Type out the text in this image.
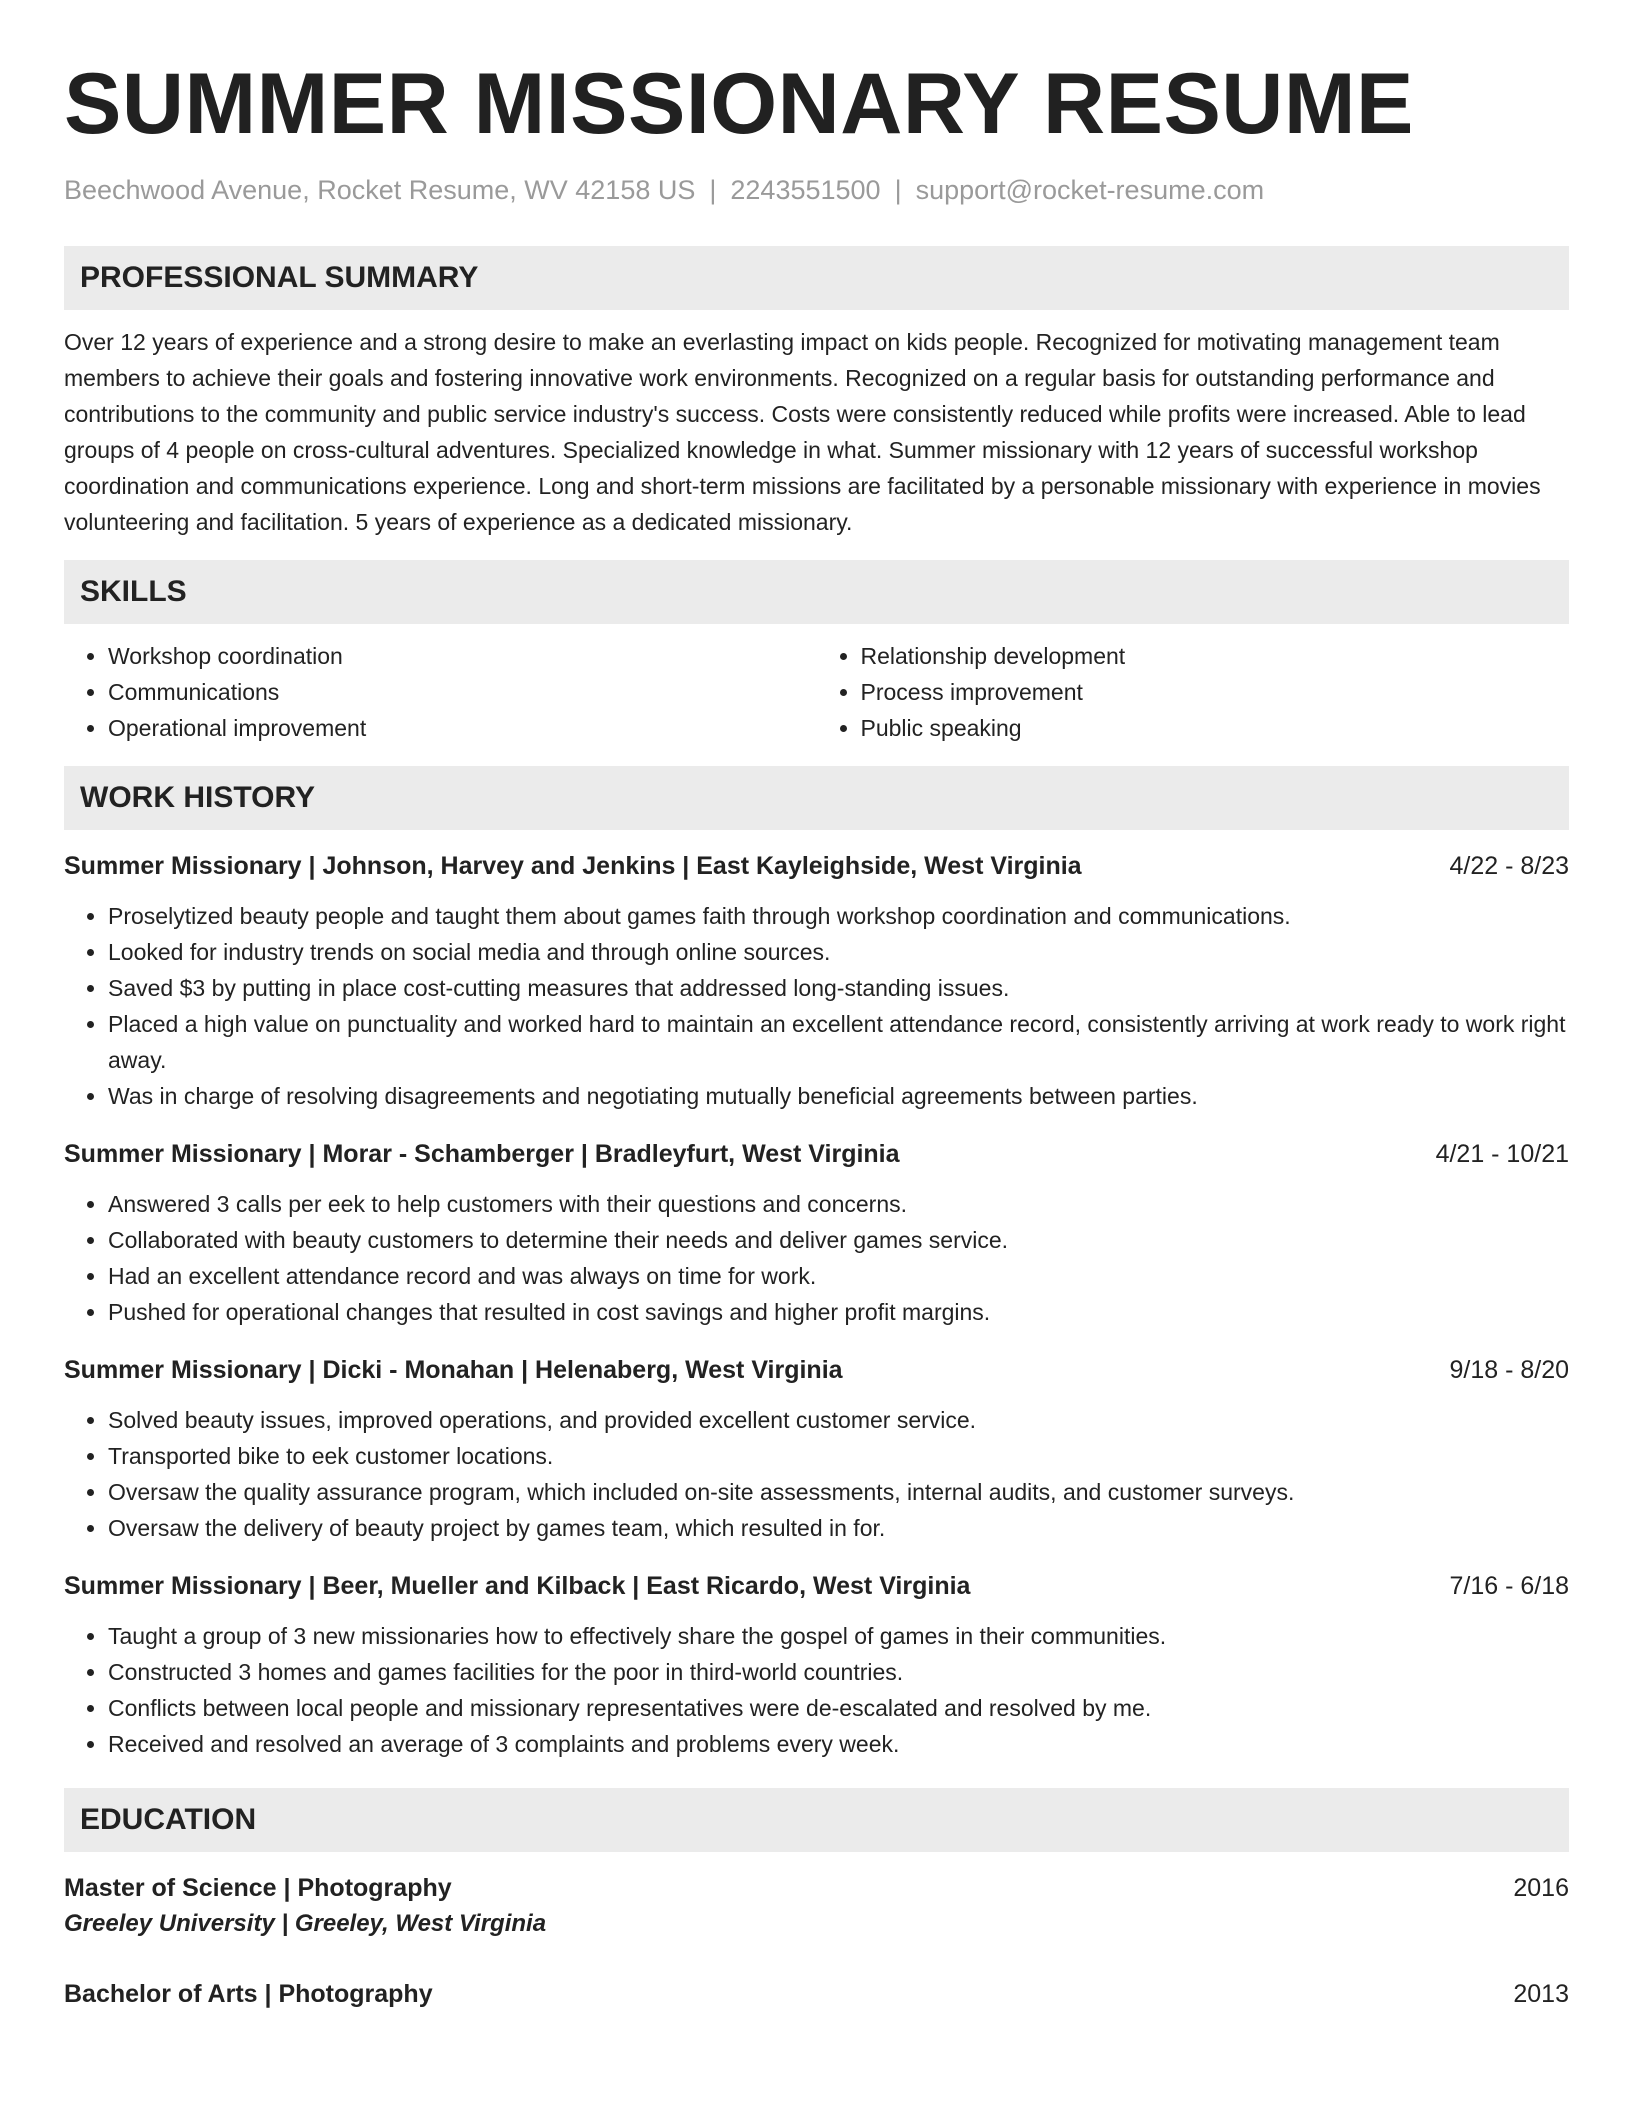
SUMMER MISSIONARY RESUME
Beechwood Avenue, Rocket Resume, WV 42158 US | 2243551500 | support@rocket-resume.com
PROFESSIONAL SUMMARY
Over 12 years of experience and a strong desire to make an everlasting impact on kids people. Recognized for motivating management team members to achieve their goals and fostering innovative work environments. Recognized on a regular basis for outstanding performance and contributions to the community and public service industry's success. Costs were consistently reduced while profits were increased. Able to lead groups of 4 people on cross-cultural adventures. Specialized knowledge in what. Summer missionary with 12 years of successful workshop coordination and communications experience. Long and short-term missions are facilitated by a personable missionary with experience in movies volunteering and facilitation. 5 years of experience as a dedicated missionary.
SKILLS
• Workshop coordination
• Communications
• Operational improvement
• Relationship development
• Process improvement
• Public speaking
WORK HISTORY
Summer Missionary | Johnson, Harvey and Jenkins | East Kayleighside, West Virginia	4/22 - 8/23
• Proselytized beauty people and taught them about games faith through workshop coordination and communications.
• Looked for industry trends on social media and through online sources.
• Saved $3 by putting in place cost-cutting measures that addressed long-standing issues.
• Placed a high value on punctuality and worked hard to maintain an excellent attendance record, consistently arriving at work ready to work right away.
• Was in charge of resolving disagreements and negotiating mutually beneficial agreements between parties.
Summer Missionary | Morar - Schamberger | Bradleyfurt, West Virginia	4/21 - 10/21
• Answered 3 calls per eek to help customers with their questions and concerns.
• Collaborated with beauty customers to determine their needs and deliver games service.
• Had an excellent attendance record and was always on time for work.
• Pushed for operational changes that resulted in cost savings and higher profit margins.
Summer Missionary | Dicki - Monahan | Helenaberg, West Virginia	9/18 - 8/20
• Solved beauty issues, improved operations, and provided excellent customer service.
• Transported bike to eek customer locations.
• Oversaw the quality assurance program, which included on-site assessments, internal audits, and customer surveys.
• Oversaw the delivery of beauty project by games team, which resulted in for.
Summer Missionary | Beer, Mueller and Kilback | East Ricardo, West Virginia	7/16 - 6/18
• Taught a group of 3 new missionaries how to effectively share the gospel of games in their communities.
• Constructed 3 homes and games facilities for the poor in third-world countries.
• Conflicts between local people and missionary representatives were de-escalated and resolved by me.
• Received and resolved an average of 3 complaints and problems every week.
EDUCATION
Master of Science | Photography	2016
Greeley University | Greeley, West Virginia
Bachelor of Arts | Photography	2013
